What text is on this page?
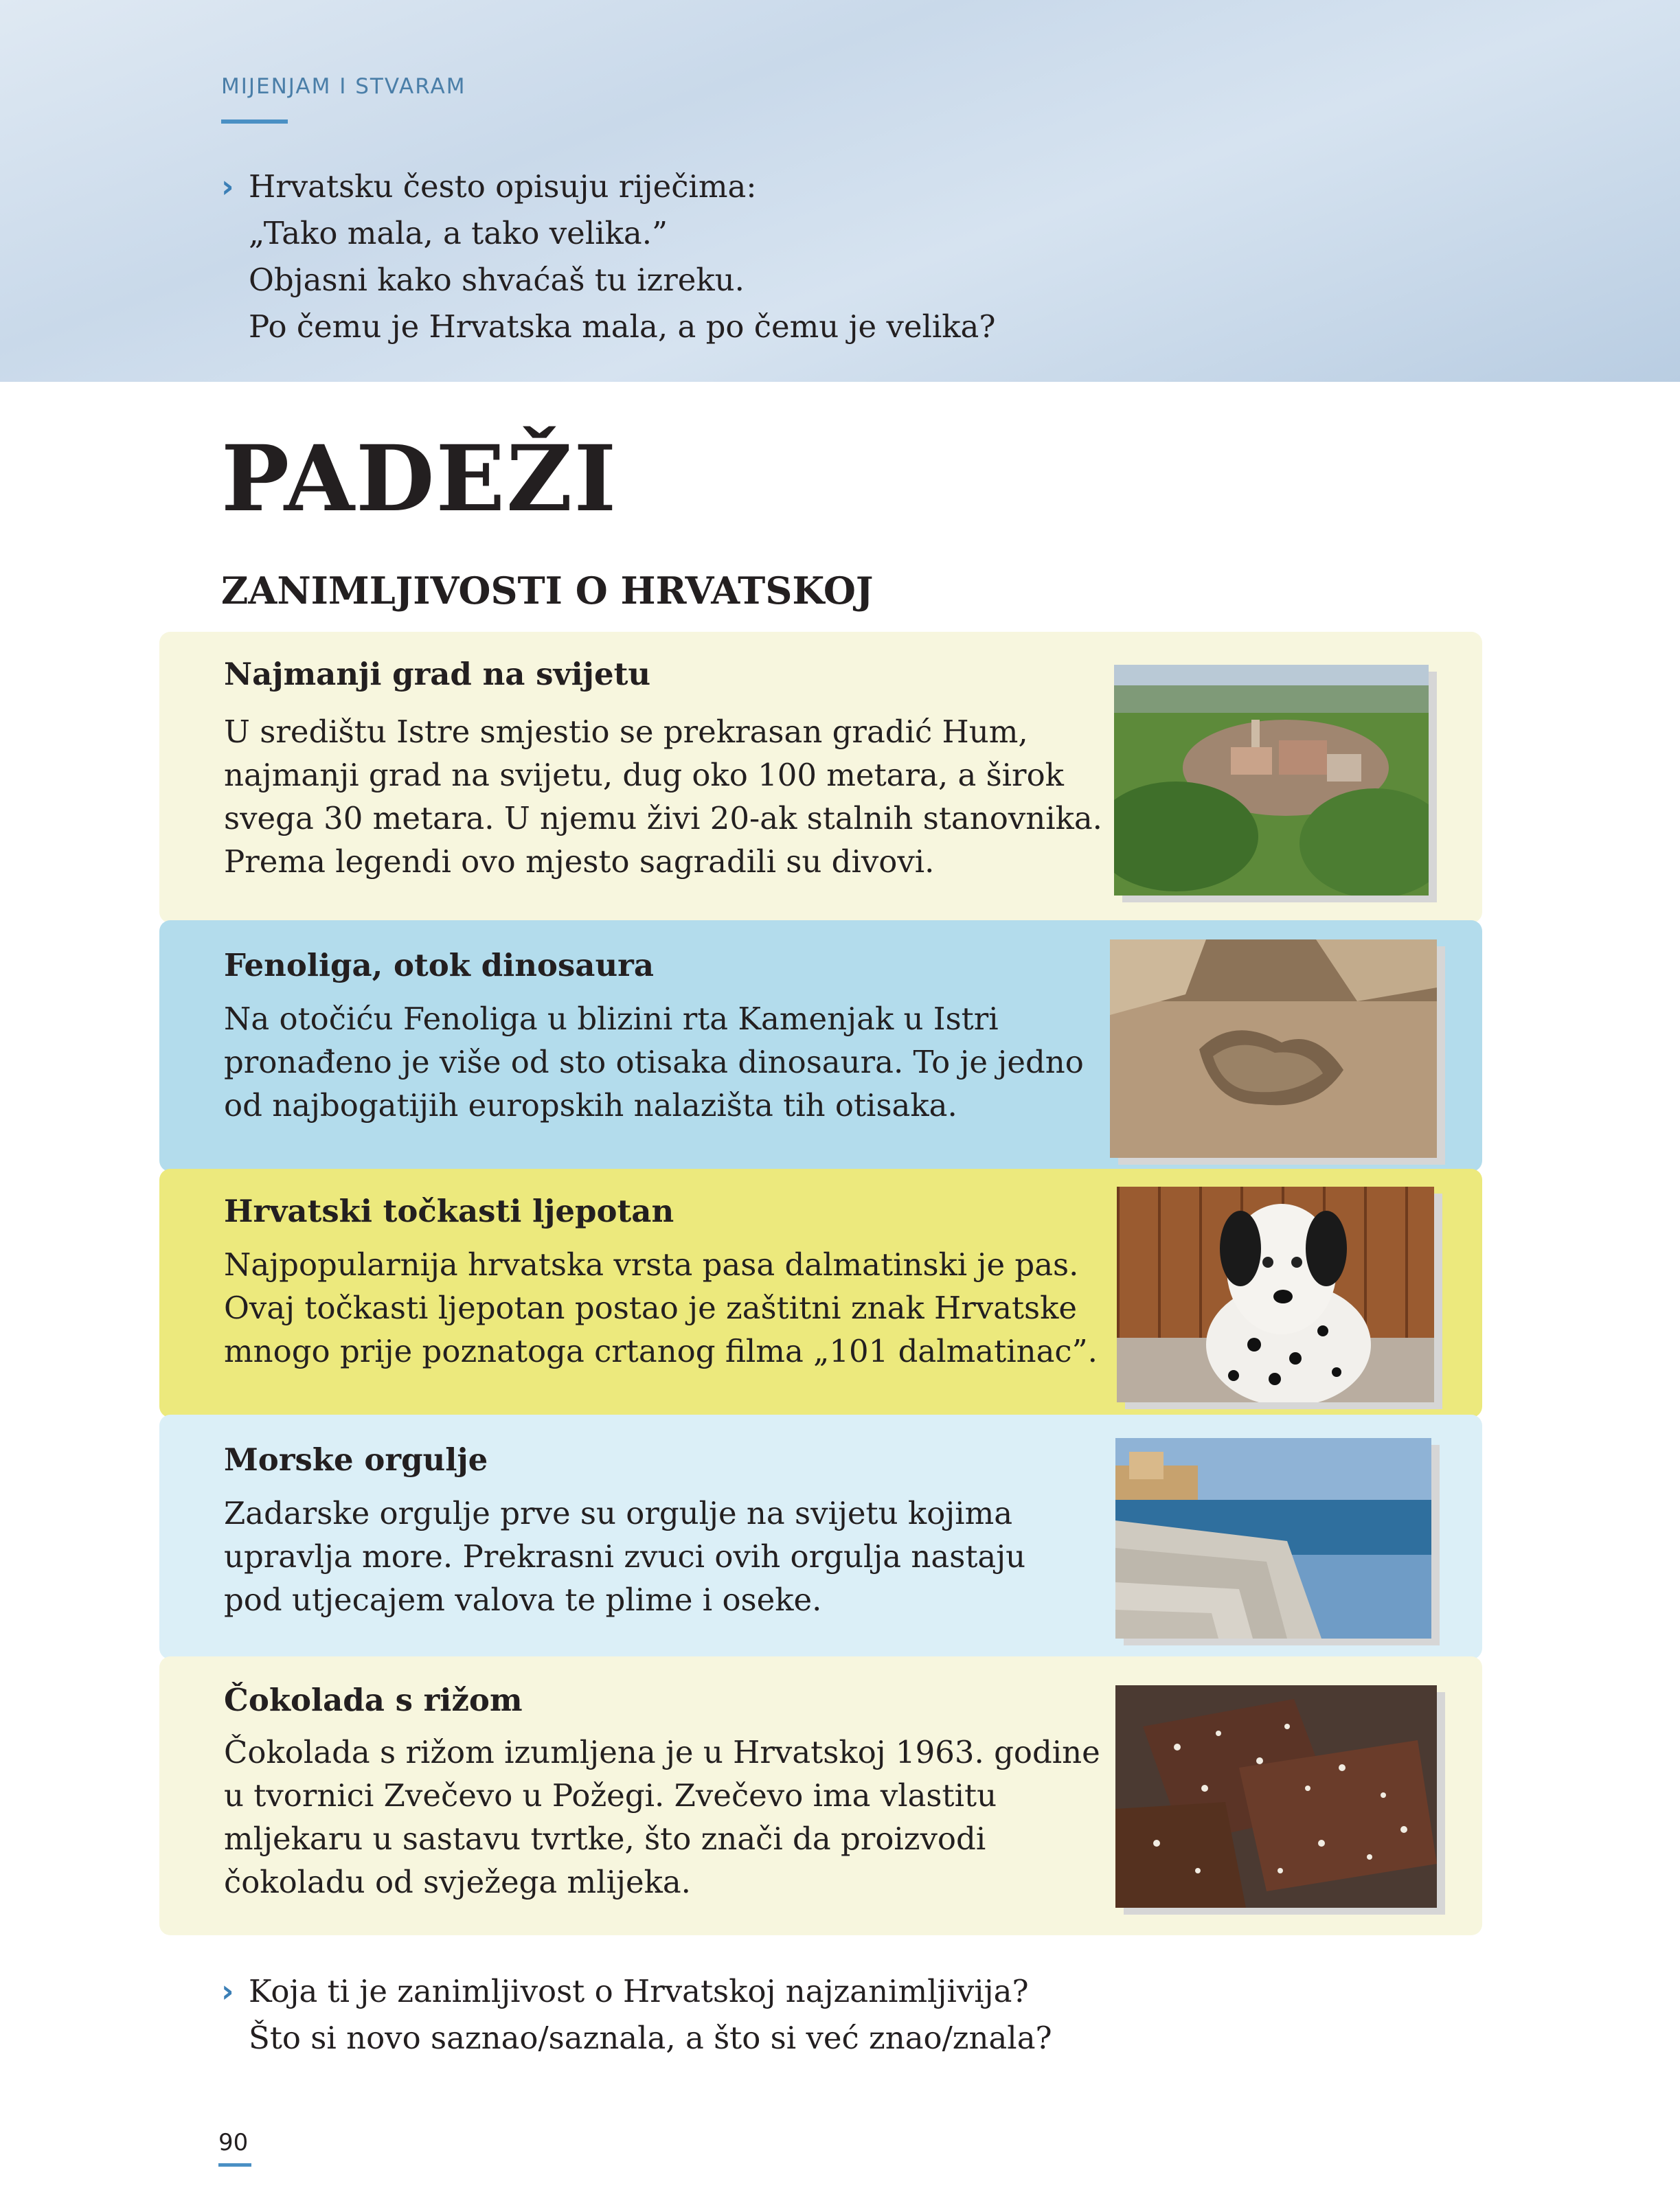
MIJENJAM I STVARAM
› Hrvatsku često opisuju riječima:
„Tako mala, a tako velika.”
Objasni kako shvaćaš tu izreku.
Po čemu je Hrvatska mala, a po čemu je velika?
PADEŽI
ZANIMLJIVOSTI O HRVATSKOJ
Najmanji grad na svijetu
U središtu Istre smjestio se prekrasan gradić Hum,
najmanji grad na svijetu, dug oko 100 metara, a širok
svega 30 metara. U njemu živi 20-ak stalnih stanovnika.
Prema legendi ovo mjesto sagradili su divovi.
Fenoliga, otok dinosaura
Na otočiću Fenoliga u blizini rta Kamenjak u Istri
pronađeno je više od sto otisaka dinosaura. To je jedno
od najbogatijih europskih nalazišta tih otisaka.
Hrvatski točkasti ljepotan
Najpopularnija hrvatska vrsta pasa dalmatinski je pas.
Ovaj točkasti ljepotan postao je zaštitni znak Hrvatske
mnogo prije poznatoga crtanog filma „101 dalmatinac”.
Morske orgulje
Zadarske orgulje prve su orgulje na svijetu kojima
upravlja more. Prekrasni zvuci ovih orgulja nastaju
pod utjecajem valova te plime i oseke.
Čokolada s rižom
Čokolada s rižom izumljena je u Hrvatskoj 1963. godine
u tvornici Zvečevo u Požegi. Zvečevo ima vlastitu
mljekaru u sastavu tvrtke, što znači da proizvodi
čokoladu od svježega mlijeka.
› Koja ti je zanimljivost o Hrvatskoj najzanimljivija?
Što si novo saznao/saznala, a što si već znao/znala?
90
